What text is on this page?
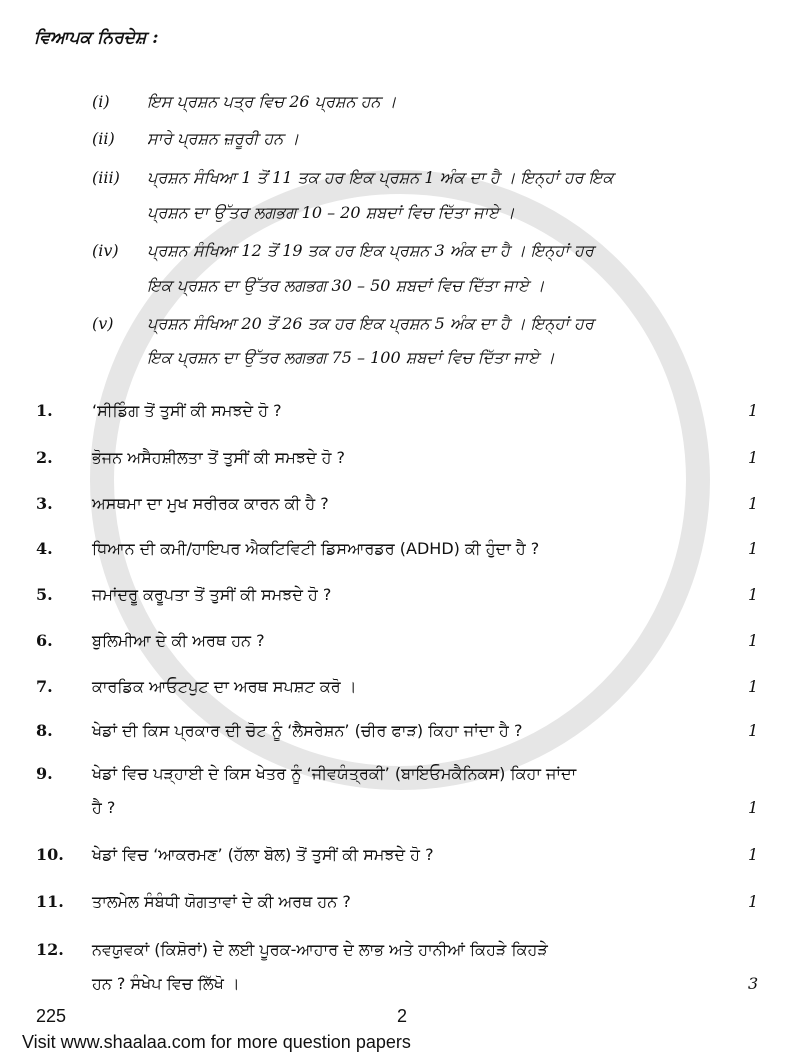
ਵਿਆਪਕ ਨਿਰਦੇਸ਼ :
(i) ਇਸ ਪ੍ਰਸ਼ਨ ਪਤ੍ਰ ਵਿਚ 26 ਪ੍ਰਸ਼ਨ ਹਨ ।
(ii) ਸਾਰੇ ਪ੍ਰਸ਼ਨ ਜ਼ਰੂਰੀ ਹਨ ।
(iii) ਪ੍ਰਸ਼ਨ ਸੰਖਿਆ 1 ਤੋਂ 11 ਤਕ ਹਰ ਇਕ ਪ੍ਰਸ਼ਨ 1 ਅੰਕ ਦਾ ਹੈ । ਇਨ੍ਹਾਂ ਹਰ ਇਕ
ਪ੍ਰਸ਼ਨ ਦਾ ਉੱਤਰ ਲਗਭਗ 10 – 20 ਸ਼ਬਦਾਂ ਵਿਚ ਦਿੱਤਾ ਜਾਏ ।
(iv) ਪ੍ਰਸ਼ਨ ਸੰਖਿਆ 12 ਤੋਂ 19 ਤਕ ਹਰ ਇਕ ਪ੍ਰਸ਼ਨ 3 ਅੰਕ ਦਾ ਹੈ । ਇਨ੍ਹਾਂ ਹਰ
ਇਕ ਪ੍ਰਸ਼ਨ ਦਾ ਉੱਤਰ ਲਗਭਗ 30 – 50 ਸ਼ਬਦਾਂ ਵਿਚ ਦਿੱਤਾ ਜਾਏ ।
(v) ਪ੍ਰਸ਼ਨ ਸੰਖਿਆ 20 ਤੋਂ 26 ਤਕ ਹਰ ਇਕ ਪ੍ਰਸ਼ਨ 5 ਅੰਕ ਦਾ ਹੈ । ਇਨ੍ਹਾਂ ਹਰ
ਇਕ ਪ੍ਰਸ਼ਨ ਦਾ ਉੱਤਰ ਲਗਭਗ 75 – 100 ਸ਼ਬਦਾਂ ਵਿਚ ਦਿੱਤਾ ਜਾਏ ।
1. ‘ਸੀਡਿੰਗ ਤੋਂ ਤੁਸੀਂ ਕੀ ਸਮਝਦੇ ਹੋ ?	1
2. ਭੋਜਨ ਅਸੈਹਸ਼ੀਲਤਾ ਤੋਂ ਤੁਸੀਂ ਕੀ ਸਮਝਦੇ ਹੋ ?	1
3. ਅਸਥਮਾ ਦਾ ਮੁਖ ਸਰੀਰਕ ਕਾਰਨ ਕੀ ਹੈ ?	1
4. ਧਿਆਨ ਦੀ ਕਮੀ/ਹਾਇਪਰ ਐਕਟਿਵਿਟੀ ਡਿਸਆਰਡਰ (ADHD) ਕੀ ਹੁੰਦਾ ਹੈ ?	1
5. ਜਮਾਂਦਰੂ ਕਰੂਪਤਾ ਤੋਂ ਤੁਸੀਂ ਕੀ ਸਮਝਦੇ ਹੋ ?	1
6. ਬੁਲਿਮੀਆ ਦੇ ਕੀ ਅਰਥ ਹਨ ?	1
7. ਕਾਰਡਿਕ ਆਓਟਪੁਟ ਦਾ ਅਰਥ ਸਪਸ਼ਟ ਕਰੋ ।	1
8. ਖੇਡਾਂ ਦੀ ਕਿਸ ਪ੍ਰਕਾਰ ਦੀ ਚੋਟ ਨੂੰ ‘ਲੈਸਰੇਸ਼ਨ’ (ਚੀਰ ਫਾੜ) ਕਿਹਾ ਜਾਂਦਾ ਹੈ ?	1
9. ਖੇਡਾਂ ਵਿਚ ਪੜ੍ਹਾਈ ਦੇ ਕਿਸ ਖੇਤਰ ਨੂੰ ‘ਜੀਵਯੰਤ੍ਰਕੀ’ (ਬਾਇਓਮਕੈਨਿਕਸ) ਕਿਹਾ ਜਾਂਦਾ
ਹੈ ?	1
10. ਖੇਡਾਂ ਵਿਚ ‘ਆਕਰਮਣ’ (ਹੱਲਾ ਬੋਲ) ਤੋਂ ਤੁਸੀਂ ਕੀ ਸਮਝਦੇ ਹੋ ?	1
11. ਤਾਲਮੇਲ ਸੰਬੰਧੀ ਯੋਗਤਾਵਾਂ ਦੇ ਕੀ ਅਰਥ ਹਨ ?	1
12. ਨਵਯੁਵਕਾਂ (ਕਿਸ਼ੋਰਾਂ) ਦੇ ਲਈ ਪੂਰਕ-ਆਹਾਰ ਦੇ ਲਾਭ ਅਤੇ ਹਾਨੀਆਂ ਕਿਹੜੇ ਕਿਹੜੇ
ਹਨ ? ਸੰਖੇਪ ਵਿਚ ਲਿੱਖੋ ।	3
225	2
Visit www.shaalaa.com for more question papers
